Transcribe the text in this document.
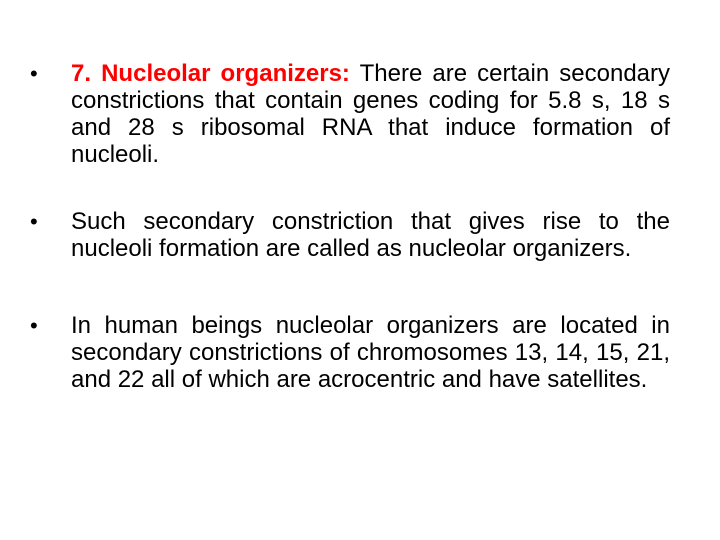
•	7. Nucleolar organizers: There are certain secondary constrictions that contain genes coding for 5.8 s, 18 s and 28 s ribosomal RNA that induce formation of nucleoli.
•	Such secondary constriction that gives rise to the nucleoli formation are called as nucleolar organizers.
•	In human beings nucleolar organizers are located in secondary constrictions of chromosomes 13, 14, 15, 21, and 22 all of which are acrocentric and have satellites.
